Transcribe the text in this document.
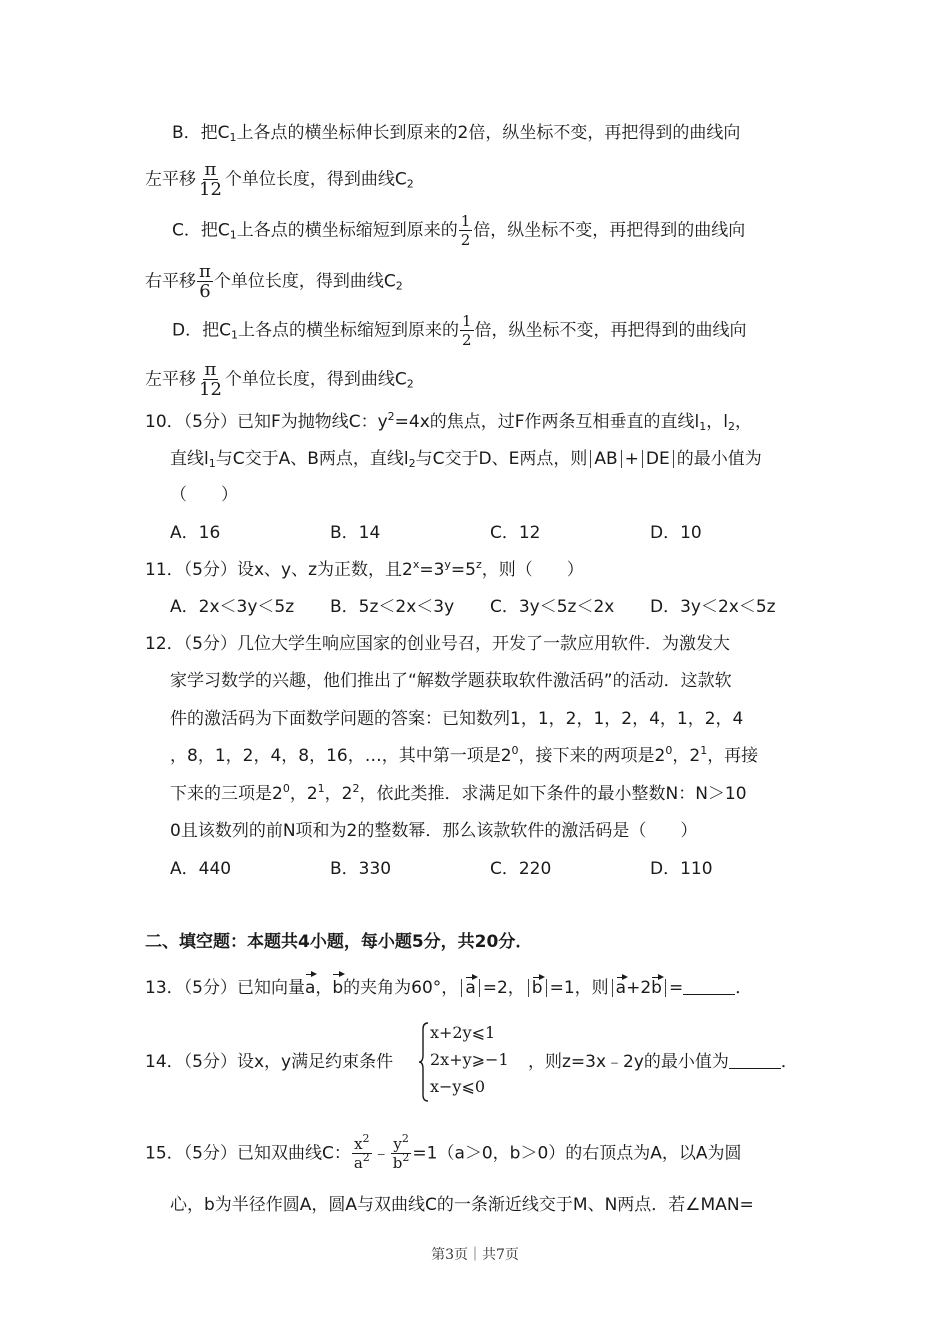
B．把$C_1$上各点的横坐标伸长到原来的2倍，纵坐标不变，再把得到的曲线向
左平移 $\frac{\pi}{12}$ 个单位长度，得到曲线$C_2$
C．把$C_1$上各点的横坐标缩短到原来的 $\frac{1}{2}$ 倍，纵坐标不变，再把得到的曲线向
右平移 $\frac{\pi}{6}$ 个单位长度，得到曲线$C_2$
D．把$C_1$上各点的横坐标缩短到原来的 $\frac{1}{2}$ 倍，纵坐标不变，再把得到的曲线向
左平移 $\frac{\pi}{12}$ 个单位长度，得到曲线$C_2$
10．（5分）已知F为抛物线C：$y^2=4x$的焦点，过F作两条互相垂直的直线$l_1$，$l_2$，
直线$l_1$与C交于A、B两点，直线$l_2$与C交于D、E两点，则 AB + DE 的最小值为
（　　）
A．16	B．14	C．12	D．10
11．（5分）设x、y、z为正数，且$2^x=3^y=5^z$，则（　　）
A．2x＜3y＜5z	B．5z＜2x＜3y	C．3y＜5z＜2x	D．3y＜2x＜5z
12．（5分）几位大学生响应国家的创业号召，开发了一款应用软件．为激发大
家学习数学的兴趣，他们推出了“解数学题获取软件激活码”的活动．这款软
件的激活码为下面数学问题的答案：已知数列1，1，2，1，2，4，1，2，4
，8，1，2，4，8，16，…，其中第一项是$2^0$，接下来的两项是$2^0$，$2^1$，再接
下来的三项是$2^0$，$2^1$，$2^2$，依此类推．求满足如下条件的最小整数N：N＞10
0且该数列的前N项和为2的整数幂．那么该款软件的激活码是（　　）
A．440	B．330	C．220	D．110
二、填空题：本题共4小题，每小题5分，共20分．
13．（5分）已知向量a，b的夹角为60°， a =2， b =1，则 a+2b =	．
14．（5分）设x，y满足约束条件
x+2y⩽1
2x+y⩾−1
x−y⩽0
，则z=3x﹣2y的最小值为	．
15．（5分）已知双曲线C： $\frac{x^2}{a^2}$ ﹣ $\frac{y^2}{b^2} =1(a>0$，b＞0）的右顶点为A，以A为圆
心，b为半径作圆A，圆A与双曲线C的一条渐近线交于M、N两点．若∠MAN=
第3页｜共7页
